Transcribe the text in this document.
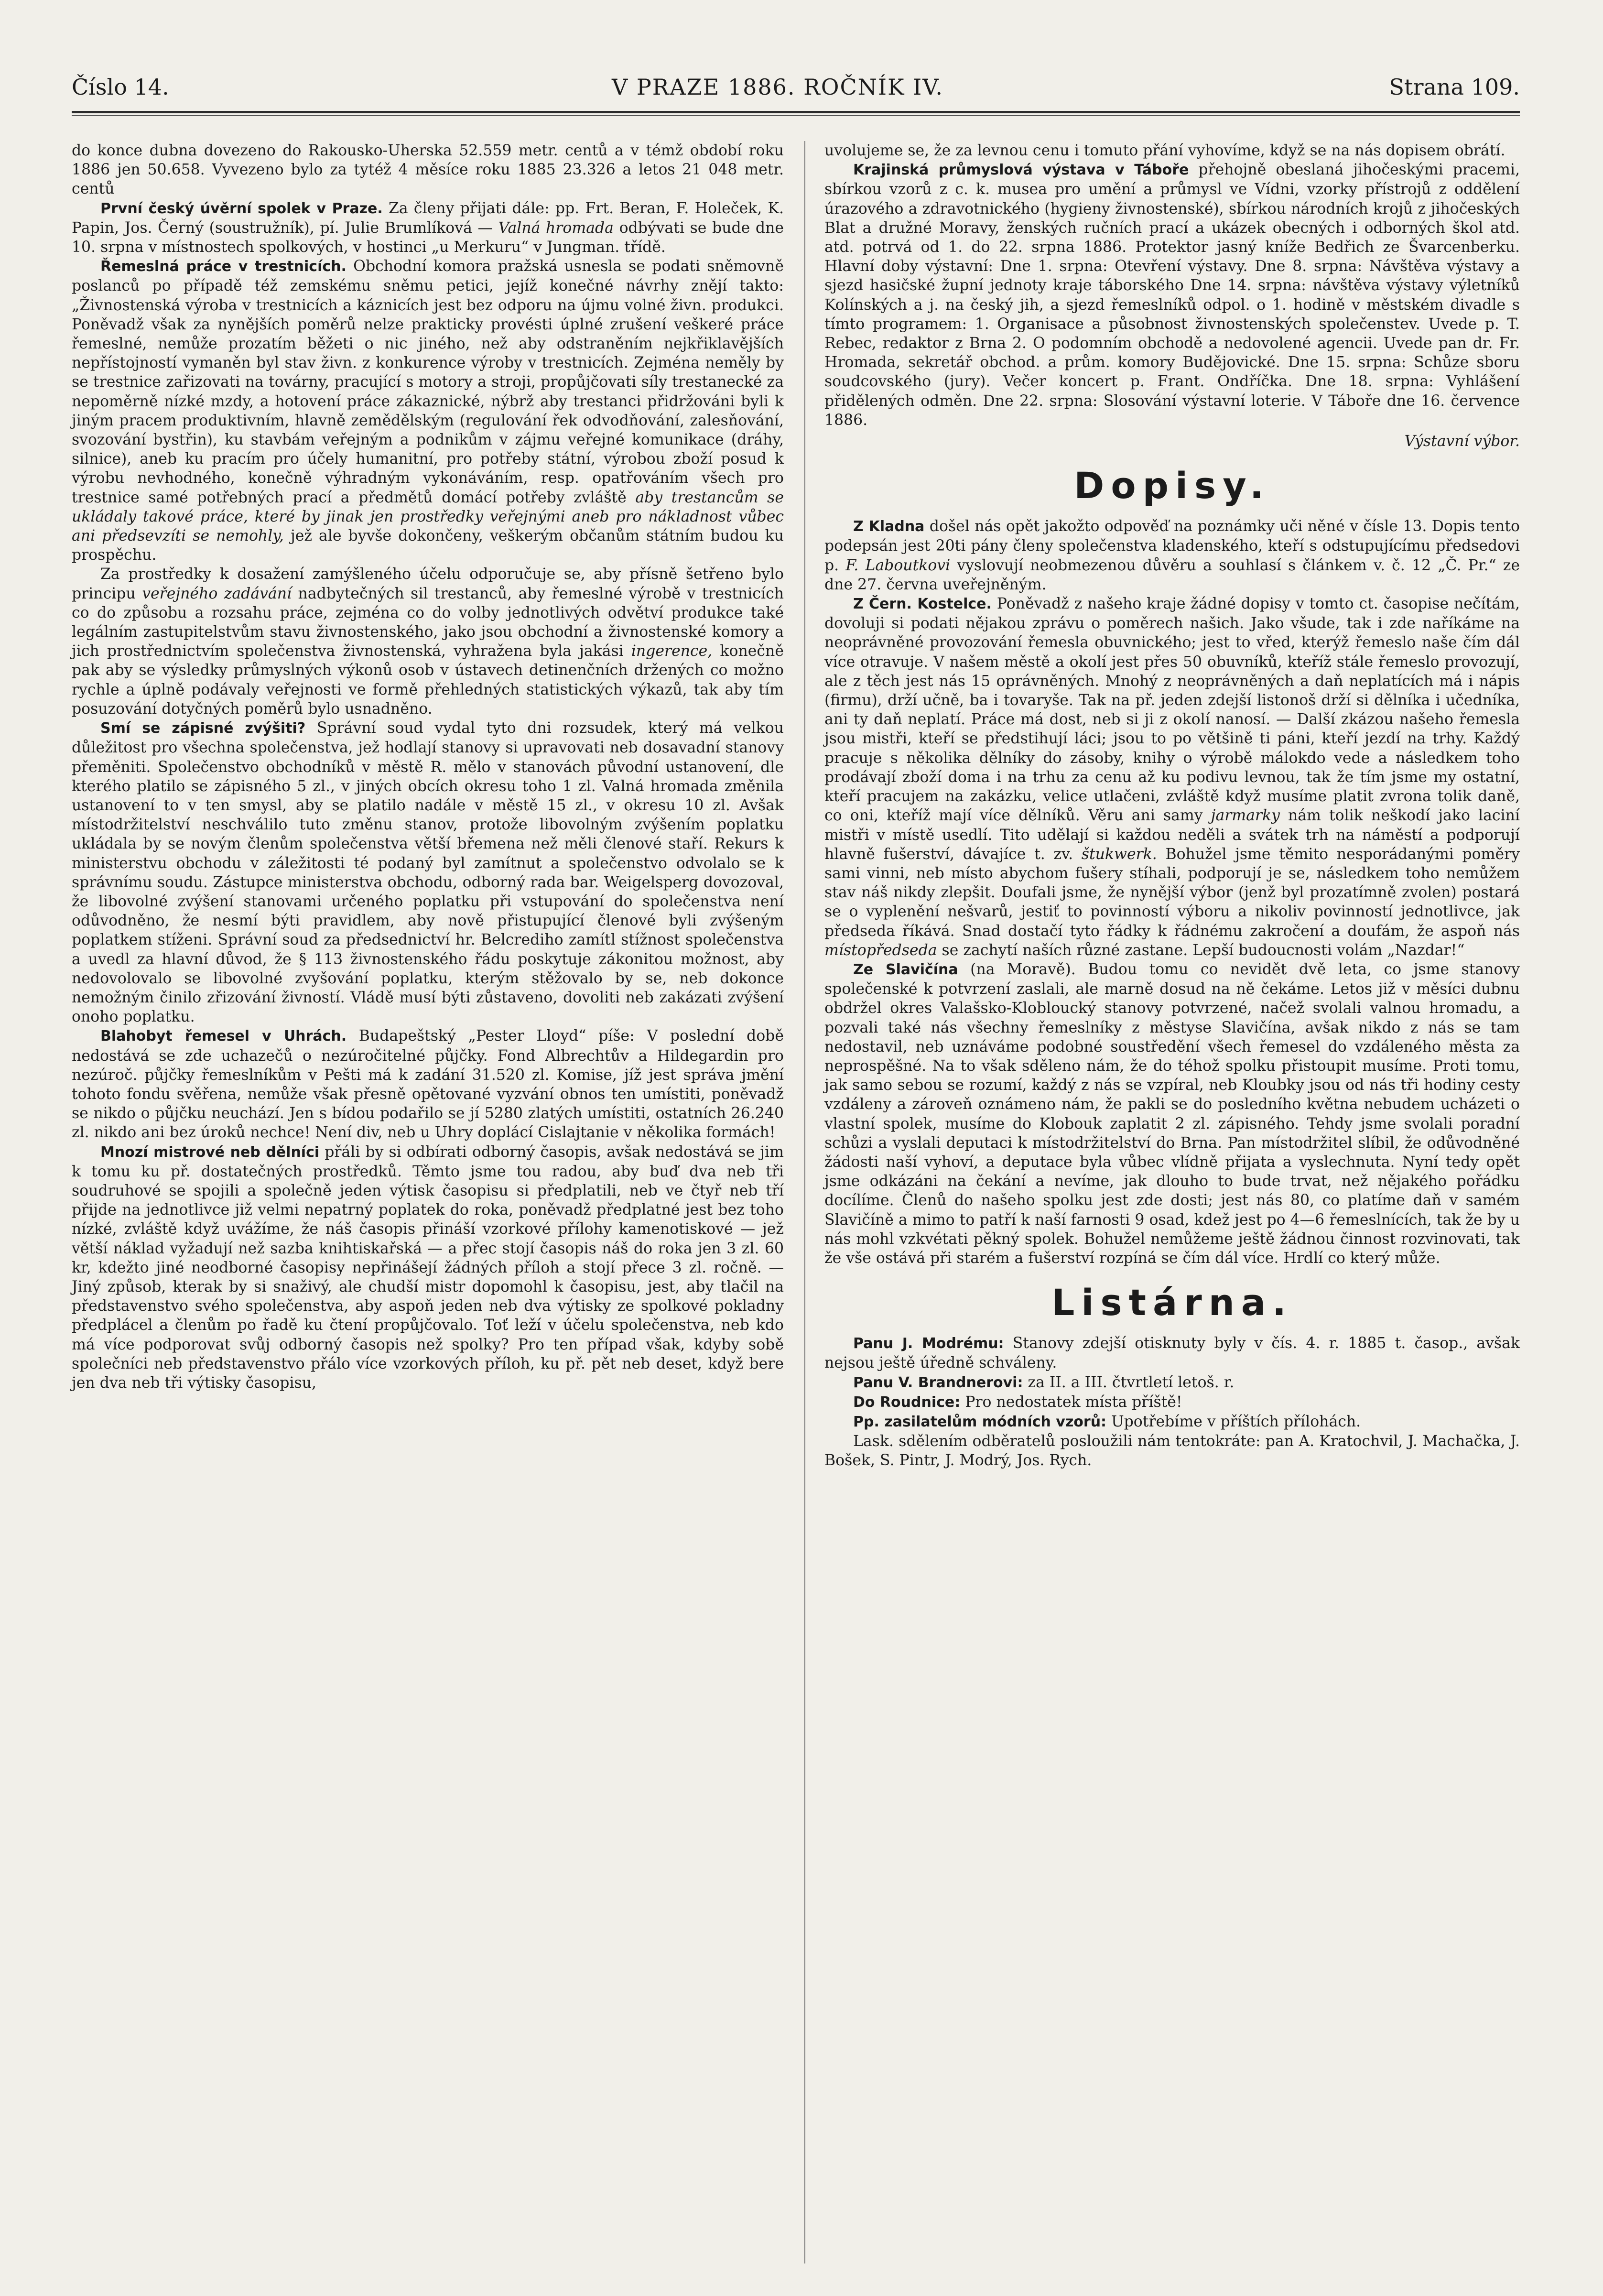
Číslo 14.	V PRAZE 1886. ROČNÍK IV.	Strana 109.

do konce dubna dovezeno do Rakousko-Uherska 52.559 metr. centů a v témž období roku 1886 jen 50.658. Vyvezeno bylo za tytéž 4 měsíce roku 1885 23.326 a letos 21 048 metr. centů

První český úvěrní spolek v Praze. Za členy přijati dále: pp. Frt. Beran, F. Holeček, K. Papin, Jos. Černý (soustružník), pí. Julie Brumlíková — Valná hromada odbývati se bude dne 10. srpna v místnostech spolkových, v hostinci „u Merkuru“ v Jungman. třídě.

Řemeslná práce v trestnicích. Obchodní komora pražská usnesla se podati sněmovně poslanců po případě též zemskému sněmu petici, jejíž konečné návrhy znějí takto: „Živnostenská výroba v trestnicích a káznicích jest bez odporu na újmu volné živn. produkci. Poněvadž však za nynějších poměrů nelze prakticky provésti úplné zrušení veškeré práce řemeslné, nemůže prozatím běžeti o nic jiného, než aby odstraněním nejkřiklavějších nepřístojností vymaněn byl stav živn. z konkurence výroby v trestnicích. Zejména neměly by se trestnice zařizovati na továrny, pracující s motory a stroji, propůjčovati síly trestanecké za nepoměrně nízké mzdy, a hotovení práce zákaznické, nýbrž aby trestanci přidržováni byli k jiným pracem produktivním, hlavně zemědělským (regulování řek odvodňování, zalesňování, svozování bystřin), ku stavbám veřejným a podnikům v zájmu veřejné komunikace (dráhy, silnice), aneb ku pracím pro účely humanitní, pro potřeby státní, výrobou zboží posud k výrobu nevhodného, konečně výhradným vykonáváním, resp. opatřováním všech pro trestnice samé potřebných prací a předmětů domácí potřeby zvláště aby trestancům se ukládaly takové práce, které by jinak jen prostředky veřejnými aneb pro nákladnost vůbec ani předsevzíti se nemohly, jež ale byvše dokončeny, veškerým občanům státním budou ku prospěchu.

Za prostředky k dosažení zamýšleného účelu odporučuje se, aby přísně šetřeno bylo principu veřejného zadávání nadbytečných sil trestanců, aby řemeslné výrobě v trestnicích co do způsobu a rozsahu práce, zejména co do volby jednotlivých odvětví produkce také legálním zastupitelstvům stavu živnostenského, jako jsou obchodní a živnostenské komory a jich prostřednictvím společenstva živnostenská, vyhražena byla jakási ingerence, konečně pak aby se výsledky průmyslných výkonů osob v ústavech detinenčních držených co možno rychle a úplně podávaly veřejnosti ve formě přehledných statistických výkazů, tak aby tím posuzování dotyčných poměrů bylo usnadněno.

Smí se zápisné zvýšiti? Správní soud vydal tyto dni rozsudek, který má velkou důležitost pro všechna společenstva, jež hodlají stanovy si upravovati neb dosavadní stanovy přeměniti. Společenstvo obchodníků v městě R. mělo v stanovách původní ustanovení, dle kterého platilo se zápisného 5 zl., v jiných obcích okresu toho 1 zl. Valná hromada změnila ustanovení to v ten smysl, aby se platilo nadále v městě 15 zl., v okresu 10 zl. Avšak místodržitelství neschválilo tuto změnu stanov, protože libovolným zvýšením poplatku ukládala by se novým členům společenstva větší břemena než měli členové staří. Rekurs k ministerstvu obchodu v záležitosti té podaný byl zamítnut a společenstvo odvolalo se k správnímu soudu. Zástupce ministerstva obchodu, odborný rada bar. Weigelsperg dovozoval, že libovolné zvýšení stanovami určeného poplatku při vstupování do společenstva není odůvodněno, že nesmí býti pravidlem, aby nově přistupující členové byli zvýšeným poplatkem stíženi. Správní soud za předsednictví hr. Belcrediho zamítl stížnost společenstva a uvedl za hlavní důvod, že § 113 živnostenského řádu poskytuje zákonitou možnost, aby nedovolovalo se libovolné zvyšování poplatku, kterým stěžovalo by se, neb dokonce nemožným činilo zřizování živností. Vládě musí býti zůstaveno, dovoliti neb zakázati zvýšení onoho poplatku.

Blahobyt řemesel v Uhrách. Budapeštský „Pester Lloyd“ píše: V poslední době nedostává se zde uchazečů o nezúročitelné půjčky. Fond Albrechtův a Hildegardin pro nezúroč. půjčky řemeslníkům v Pešti má k zadání 31.520 zl. Komise, jíž jest správa jmění tohoto fondu svěřena, nemůže však přesně opětované vyzvání obnos ten umístiti, poněvadž se nikdo o půjčku neuchází. Jen s bídou podařilo se jí 5280 zlatých umístiti, ostatních 26.240 zl. nikdo ani bez úroků nechce! Není div, neb u Uhry doplácí Cislajtanie v několika formách!

Mnozí mistrové neb dělníci přáli by si odbírati odborný časopis, avšak nedostává se jim k tomu ku př. dostatečných prostředků. Těmto jsme tou radou, aby buď dva neb tři soudruhové se spojili a společně jeden výtisk časopisu si předplatili, neb ve čtyř neb tří přijde na jednotlivce již velmi nepatrný poplatek do roka, poněvadž předplatné jest bez toho nízké, zvláště když uvážíme, že náš časopis přináší vzorkové přílohy kamenotiskové — jež větší náklad vyžadují než sazba knihtiskařská — a přec stojí časopis náš do roka jen 3 zl. 60 kr, kdežto jiné neodborné časopisy nepřinášejí žádných příloh a stojí přece 3 zl. ročně. — Jiný způsob, kterak by si snaživý, ale chudší mistr dopomohl k časopisu, jest, aby tlačil na představenstvo svého společenstva, aby aspoň jeden neb dva výtisky ze spolkové pokladny předplácel a členům po řadě ku čtení propůjčovalo. Toť leží v účelu společenstva, neb kdo má více podporovat svůj odborný časopis než spolky? Pro ten případ však, kdyby sobě společníci neb představenstvo přálo více vzorkových příloh, ku př. pět neb deset, když bere jen dva neb tři výtisky časopisu,

uvolujeme se, že za levnou cenu i tomuto přání vyhovíme, když se na nás dopisem obrátí.

Krajinská průmyslová výstava v Táboře přehojně obeslaná jihočeskými pracemi, sbírkou vzorů z c. k. musea pro umění a průmysl ve Vídni, vzorky přístrojů z oddělení úrazového a zdravotnického (hygieny živnostenské), sbírkou národních krojů z jihočeských Blat a družné Moravy, ženských ručních prací a ukázek obecných i odborných škol atd. atd. potrvá od 1. do 22. srpna 1886. Protektor jasný kníže Bedřich ze Švarcenberku. Hlavní doby výstavní: Dne 1. srpna: Otevření výstavy. Dne 8. srpna: Návštěva výstavy a sjezd hasičské župní jednoty kraje táborského Dne 14. srpna: návštěva výstavy výletníků Kolínských a j. na český jih, a sjezd řemeslníků odpol. o 1. hodině v městském divadle s tímto programem: 1. Organisace a působnost živnostenských společenstev. Uvede p. T. Rebec, redaktor z Brna 2. O podomním obchodě a nedovolené agencii. Uvede pan dr. Fr. Hromada, sekretář obchod. a prům. komory Budějovické. Dne 15. srpna: Schůze sboru soudcovského (jury). Večer koncert p. Frant. Ondříčka. Dne 18. srpna: Vyhlášení přidělených odměn. Dne 22. srpna: Slosování výstavní loterie. V Táboře dne 16. července 1886.

Výstavní výbor.
Dopisy.

Z Kladna došel nás opět jakožto odpověď na poznámky uči něné v čísle 13. Dopis tento podepsán jest 20ti pány členy společenstva kladenského, kteří s odstupujícímu předsedovi p. F. Laboutkovi vyslovují neobmezenou důvěru a souhlasí s článkem v. č. 12 „Č. Pr.“ ze dne 27. června uveřejněným.

Z Čern. Kostelce. Poněvadž z našeho kraje žádné dopisy v tomto ct. časopise nečítám, dovoluji si podati nějakou zprávu o poměrech našich. Jako všude, tak i zde naříkáme na neoprávněné provozování řemesla obuvnického; jest to vřed, kterýž řemeslo naše čím dál více otravuje. V našem městě a okolí jest přes 50 obuvníků, kteříž stále řemeslo provozují, ale z těch jest nás 15 oprávněných. Mnohý z neoprávněných a daň neplatících má i nápis (firmu), drží učně, ba i tovaryše. Tak na př. jeden zdejší listonoš drží si dělníka i učedníka, ani ty daň neplatí. Práce má dost, neb si ji z okolí nanosí. — Další zkázou našeho řemesla jsou mistři, kteří se předstihují láci; jsou to po většině ti páni, kteří jezdí na trhy. Každý pracuje s několika dělníky do zásoby, knihy o výrobě málokdo vede a následkem toho prodávají zboží doma i na trhu za cenu až ku podivu levnou, tak že tím jsme my ostatní, kteří pracujem na zakázku, velice utlačeni, zvláště když musíme platit zvrona tolik daně, co oni, kteříž mají více dělníků. Věru ani samy jarmarky nám tolik neškodí jako laciní mistři v místě usedlí. Tito udělají si každou neděli a svátek trh na náměstí a podporují hlavně fušerství, dávajíce t. zv. štukwerk. Bohužel jsme těmito nesporádanými poměry sami vinni, neb místo abychom fušery stíhali, podporují je se, následkem toho nemůžem stav náš nikdy zlepšit. Doufali jsme, že nynější výbor (jenž byl prozatímně zvolen) postará se o vyplenění nešvarů, jestiť to povinností výboru a nikoliv povinností jednotlivce, jak předseda říkává. Snad dostačí tyto řádky k řádnému zakročení a doufám, že aspoň nás místopředseda se zachytí naších různé zastane. Lepší budoucnosti volám „Nazdar!“

Ze Slavičína (na Moravě). Budou tomu co nevidět dvě leta, co jsme stanovy společenské k potvrzení zaslali, ale marně dosud na ně čekáme. Letos již v měsíci dubnu obdržel okres Valašsko-Klobloucký stanovy potvrzené, načež svolali valnou hromadu, a pozvali také nás všechny řemeslníky z městyse Slavičína, avšak nikdo z nás se tam nedostavil, neb uznáváme podobné soustředění všech řemesel do vzdáleného města za neprospěšné. Na to však sděleno nám, že do téhož spolku přistoupit musíme. Proti tomu, jak samo sebou se rozumí, každý z nás se vzpíral, neb Kloubky jsou od nás tři hodiny cesty vzdáleny a zároveň oznámeno nám, že pakli se do posledního května nebudem ucházeti o vlastní spolek, musíme do Klobouk zaplatit 2 zl. zápisného. Tehdy jsme svolali poradní schůzi a vyslali deputaci k místodržitelství do Brna. Pan místodržitel slíbil, že odůvodněné žádosti naší vyhoví, a deputace byla vůbec vlídně přijata a vyslechnuta. Nyní tedy opět jsme odkázáni na čekání a nevíme, jak dlouho to bude trvat, než nějakého pořádku docílíme. Členů do našeho spolku jest zde dosti; jest nás 80, co platíme daň v samém Slavičíně a mimo to patří k naší farnosti 9 osad, kdež jest po 4—6 řemeslnících, tak že by u nás mohl vzkvétati pěkný spolek. Bohužel nemůžeme ještě žádnou činnost rozvinovati, tak že vše ostává při starém a fušerství rozpíná se čím dál více. Hrdlí co který může.

Listárna.

Panu J. Modrému: Stanovy zdejší otisknuty byly v čís. 4. r. 1885 t. časop., avšak nejsou ještě úředně schváleny.

Panu V. Brandnerovi: za II. a III. čtvrtletí letoš. r.

Do Roudnice: Pro nedostatek místa příště!

Pp. zasilatelům módních vzorů: Upotřebíme v příštích přílohách.

Lask. sdělením odběratelů posloužili nám tentokráte: pan A. Kratochvil, J. Machačka, J. Bošek, S. Pintr, J. Modrý, Jos. Rych.
